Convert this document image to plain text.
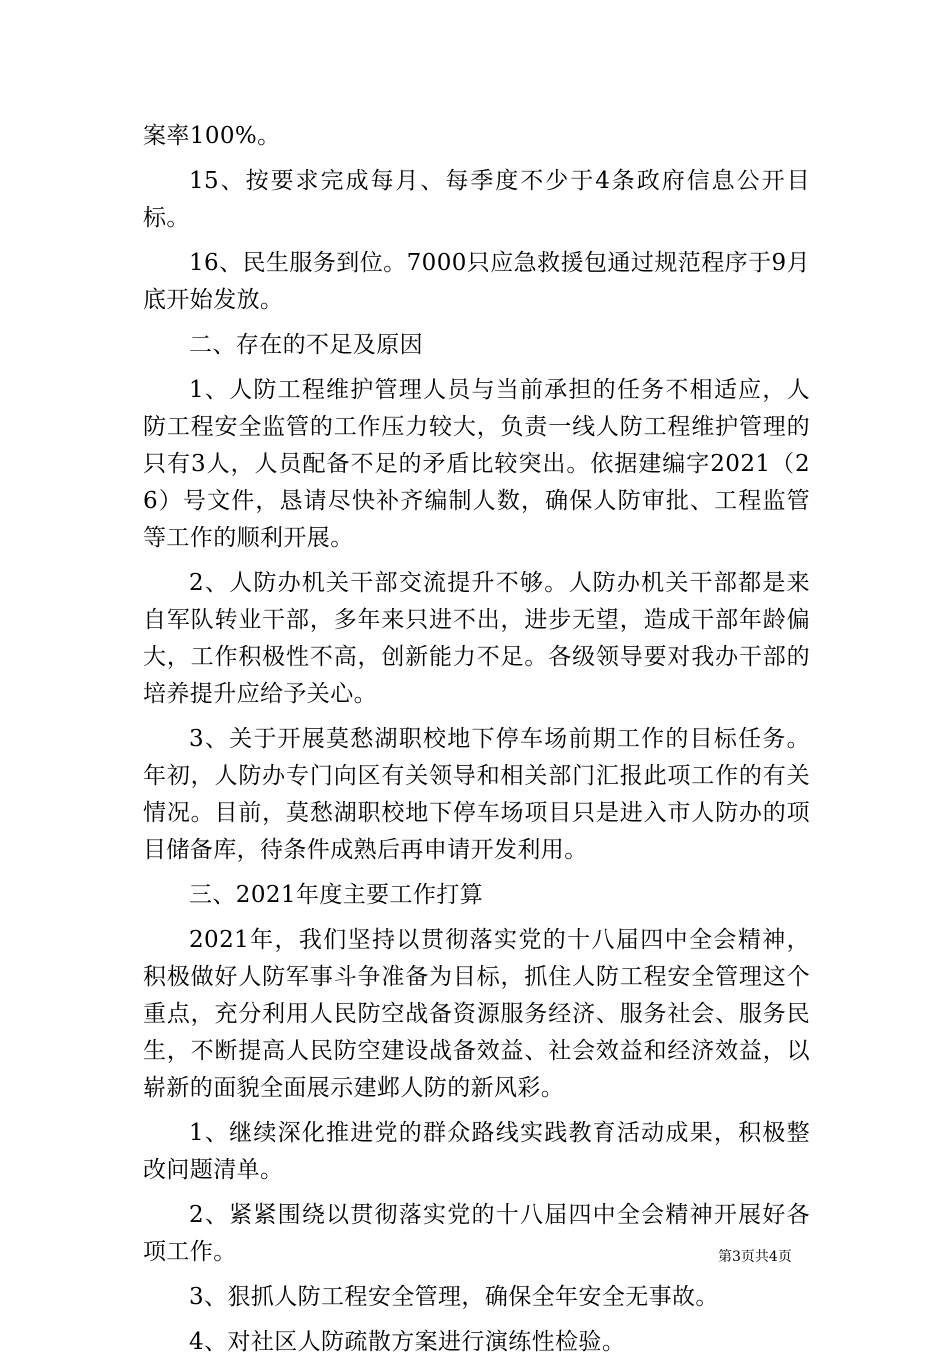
案率100%。

15、按要求完成每月、每季度不少于4条政府信息公开目标。

16、民生服务到位。7000只应急救援包通过规范程序于9月底开始发放。

二、存在的不足及原因

1、人防工程维护管理人员与当前承担的任务不相适应，人防工程安全监管的工作压力较大，负责一线人防工程维护管理的只有3人，人员配备不足的矛盾比较突出。依据建编字2021（26）号文件，恳请尽快补齐编制人数，确保人防审批、工程监管等工作的顺利开展。

2、人防办机关干部交流提升不够。人防办机关干部都是来自军队转业干部，多年来只进不出，进步无望，造成干部年龄偏大，工作积极性不高，创新能力不足。各级领导要对我办干部的培养提升应给予关心。

3、关于开展莫愁湖职校地下停车场前期工作的目标任务。年初，人防办专门向区有关领导和相关部门汇报此项工作的有关情况。目前，莫愁湖职校地下停车场项目只是进入市人防办的项目储备库，待条件成熟后再申请开发利用。

三、2021年度主要工作打算

2021年，我们坚持以贯彻落实党的十八届四中全会精神，积极做好人防军事斗争准备为目标，抓住人防工程安全管理这个重点，充分利用人民防空战备资源服务经济、服务社会、服务民生，不断提高人民防空建设战备效益、社会效益和经济效益，以崭新的面貌全面展示建邺人防的新风彩。

1、继续深化推进党的群众路线实践教育活动成果，积极整改问题清单。

2、紧紧围绕以贯彻落实党的十八届四中全会精神开展好各项工作。

3、狠抓人防工程安全管理，确保全年安全无事故。

4、对社区人防疏散方案进行演练性检验。

第3页共4页
